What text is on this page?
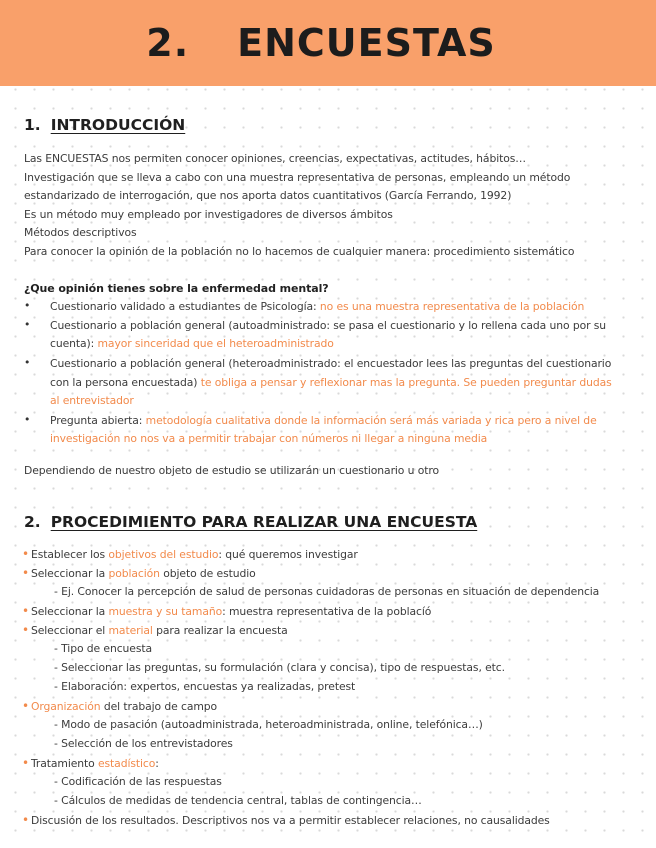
2. ENCUESTAS
1. INTRODUCCIÓN
Las ENCUESTAS nos permiten conocer opiniones, creencias, expectativas, actitudes, hábitos…
Investigación que se lleva a cabo con una muestra representativa de personas, empleando un método
estandarizado de interrogación, que nos aporta datos cuantitativos (García Ferrando, 1992)
Es un método muy empleado por investigadores de diversos ámbitos
Métodos descriptivos
Para conocer la opinión de la población no lo hacemos de cualquier manera: procedimiento sistemático
¿Que opinión tienes sobre la enfermedad mental?
• Cuestionario validado a estudiantes de Psicología: no es una muestra representativa de la población
• Cuestionario a población general (autoadministrado: se pasa el cuestionario y lo rellena cada uno por su
cuenta): mayor sinceridad que el heteroadministrado
• Cuestionario a población general (heteroadministrado: el encuestador lees las preguntas del cuestionario
con la persona encuestada) te obliga a pensar y reflexionar mas la pregunta. Se pueden preguntar dudas
al entrevistador
• Pregunta abierta: metodología cualitativa donde la información será más variada y rica pero a nivel de
investigación no nos va a permitir trabajar con números ni llegar a ninguna media
Dependiendo de nuestro objeto de estudio se utilizarán un cuestionario u otro
2. PROCEDIMIENTO PARA REALIZAR UNA ENCUESTA
• Establecer los objetivos del estudio: qué queremos investigar
• Seleccionar la población objeto de estudio
- Ej. Conocer la percepción de salud de personas cuidadoras de personas en situación de dependencia
• Seleccionar la muestra y su tamaño: muestra representativa de la poblacíó
• Seleccionar el material para realizar la encuesta
- Tipo de encuesta
- Seleccionar las preguntas, su formulación (clara y concisa), tipo de respuestas, etc.
- Elaboración: expertos, encuestas ya realizadas, pretest
• Organización del trabajo de campo
- Modo de pasación (autoadministrada, heteroadministrada, online, telefónica…)
- Selección de los entrevistadores
• Tratamiento estadístico:
- Codificación de las respuestas
- Cálculos de medidas de tendencia central, tablas de contingencia…
• Discusión de los resultados. Descriptivos nos va a permitir establecer relaciones, no causalidades
